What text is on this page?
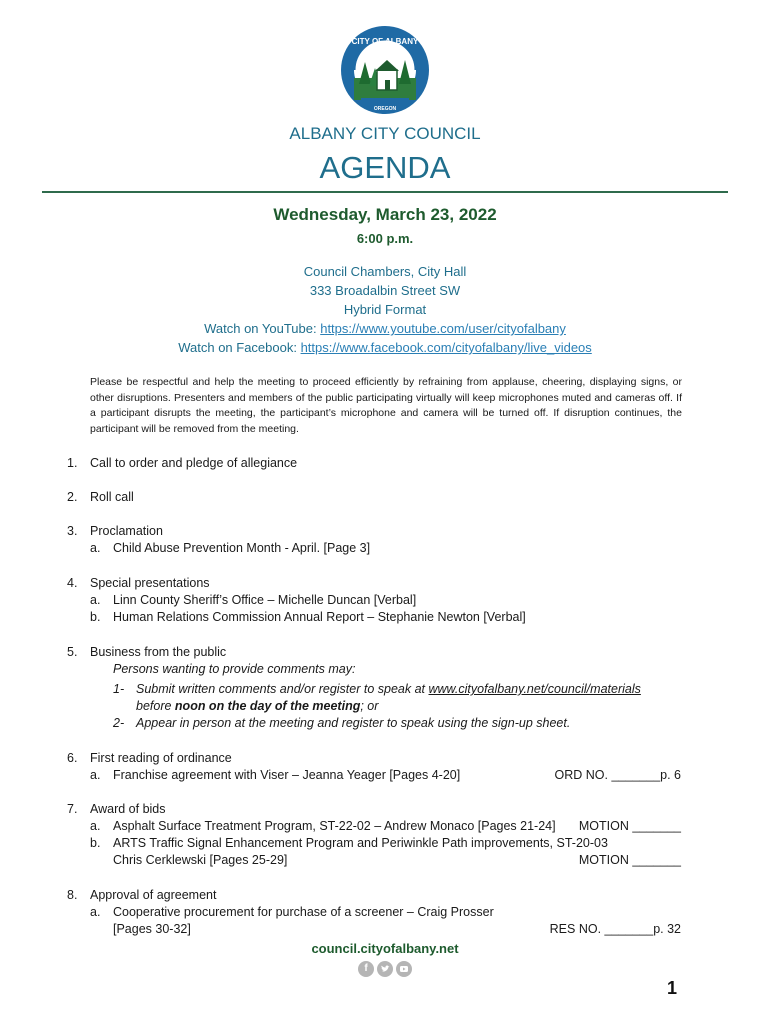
CITY OF ALBANY
OREGON
ALBANY CITY COUNCIL
AGENDA
Wednesday, March 23, 2022
6:00 p.m.
Council Chambers, City Hall
333 Broadalbin Street SW
Hybrid Format
Watch on YouTube: https://www.youtube.com/user/cityofalbany
Watch on Facebook: https://www.facebook.com/cityofalbany/live_videos
Please be respectful and help the meeting to proceed efficiently by refraining from applause, cheering, displaying signs, or other disruptions. Presenters and members of the public participating virtually will keep microphones muted and cameras off. If a participant disrupts the meeting, the participant’s microphone and camera will be turned off. If disruption continues, the participant will be removed from the meeting.
1. Call to order and pledge of allegiance
2. Roll call
3. Proclamation
a. Child Abuse Prevention Month - April. [Page 3]
4. Special presentations
a. Linn County Sheriff’s Office – Michelle Duncan [Verbal]
b. Human Relations Commission Annual Report – Stephanie Newton [Verbal]
5. Business from the public
Persons wanting to provide comments may:
1- Submit written comments and/or register to speak at www.cityofalbany.net/council/materials
before noon on the day of the meeting; or
2- Appear in person at the meeting and register to speak using the sign-up sheet.
6. First reading of ordinance
a. Franchise agreement with Viser – Jeanna Yeager [Pages 4-20]	ORD NO. _______p. 6
7. Award of bids
a. Asphalt Surface Treatment Program, ST-22-02 – Andrew Monaco [Pages 21-24] MOTION _______
b. ARTS Traffic Signal Enhancement Program and Periwinkle Path improvements, ST-20-03
Chris Cerklewski [Pages 25-29]	MOTION _______
8. Approval of agreement
a. Cooperative procurement for purchase of a screener – Craig Prosser
[Pages 30-32]	RES NO. _______p. 32
council.cityofalbany.net
f
1
